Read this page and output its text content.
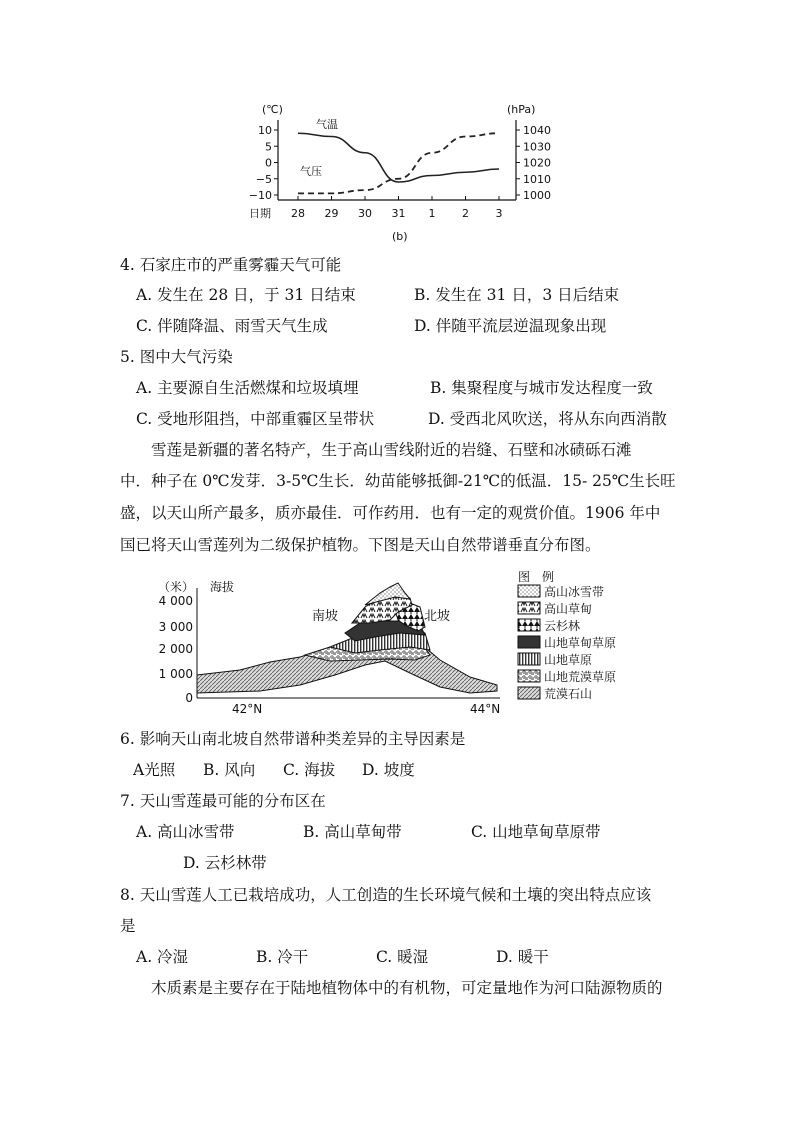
(℃)	(hPa)
10
5
0
−5
−10
1040
1030
1020
1010
1000
28 29 30 31 1 2 3
日期
气温
气压
(b)
4. 石家庄市的严重雾霾天气可能
A. 发生在 28 日，于 31 日结束	B. 发生在 31 日，3 日后结束
C. 伴随降温、雨雪天气生成	D. 伴随平流层逆温现象出现
5. 图中大气污染
A. 主要源自生活燃煤和垃圾填埋	B. 集聚程度与城市发达程度一致
C. 受地形阻挡，中部重霾区呈带状	D. 受西北风吹送，将从东向西消散
雪莲是新疆的著名特产，生于高山雪线附近的岩缝、石壁和冰碛砾石滩
中．种子在 0℃发芽．3-5℃生长．幼苗能够抵御-21℃的低温．15- 25℃生长旺
盛，以天山所产最多，质亦最佳．可作药用．也有一定的观赏价值。1906 年中
国已将天山雪莲列为二级保护植物。下图是天山自然带谱垂直分布图。
（米） 海拔
4 000
3 000
2 000
1 000
0
42°N	44°N
南坡	北坡
图　例
高山冰雪带
高山草甸
云杉林
山地草甸草原
山地草原
山地荒漠草原
荒漠石山
6. 影响天山南北坡自然带谱种类差异的主导因素是
A光照 B. 风向 C. 海拔 D. 坡度
7. 天山雪莲最可能的分布区在
A. 高山冰雪带	B. 高山草甸带	C. 山地草甸草原带
D. 云杉林带
8. 天山雪莲人工已栽培成功，人工创造的生长环境气候和土壤的突出特点应该
是
A. 冷湿	B. 冷干	C. 暖湿	D. 暖干
木质素是主要存在于陆地植物体中的有机物，可定量地作为河口陆源物质的
